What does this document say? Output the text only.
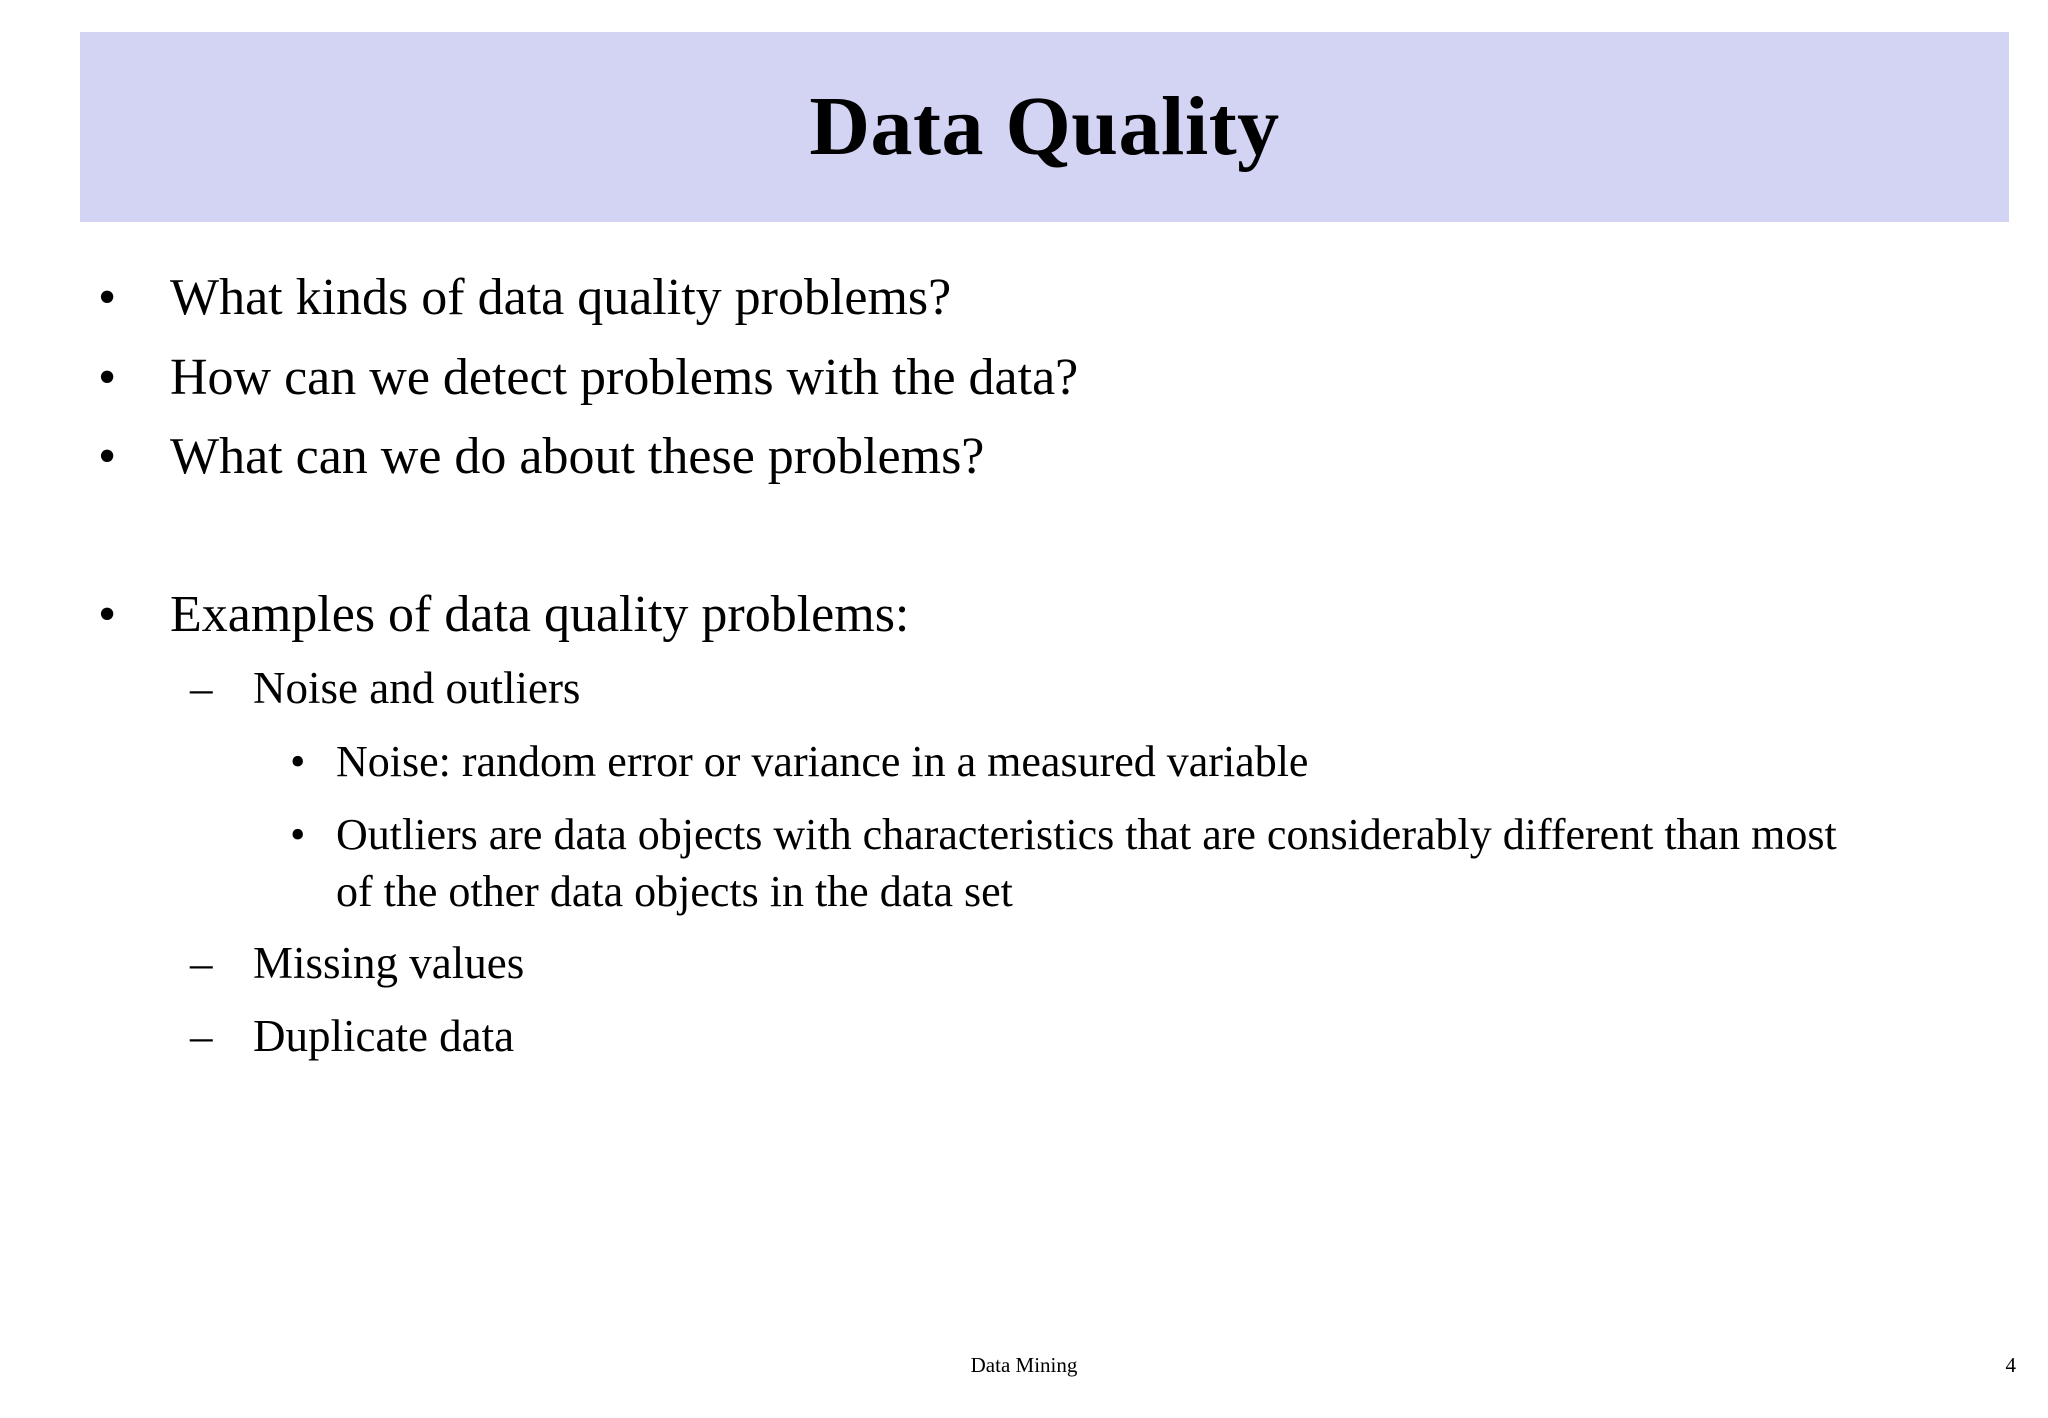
Data Quality
• What kinds of data quality problems?
• How can we detect problems with the data?
• What can we do about these problems?
• Examples of data quality problems:
– Noise and outliers
• Noise: random error or variance in a measured variable
• Outliers are data objects with characteristics that are considerably different than most
of the other data objects in the data set
– Missing values
– Duplicate data
Data Mining	4
